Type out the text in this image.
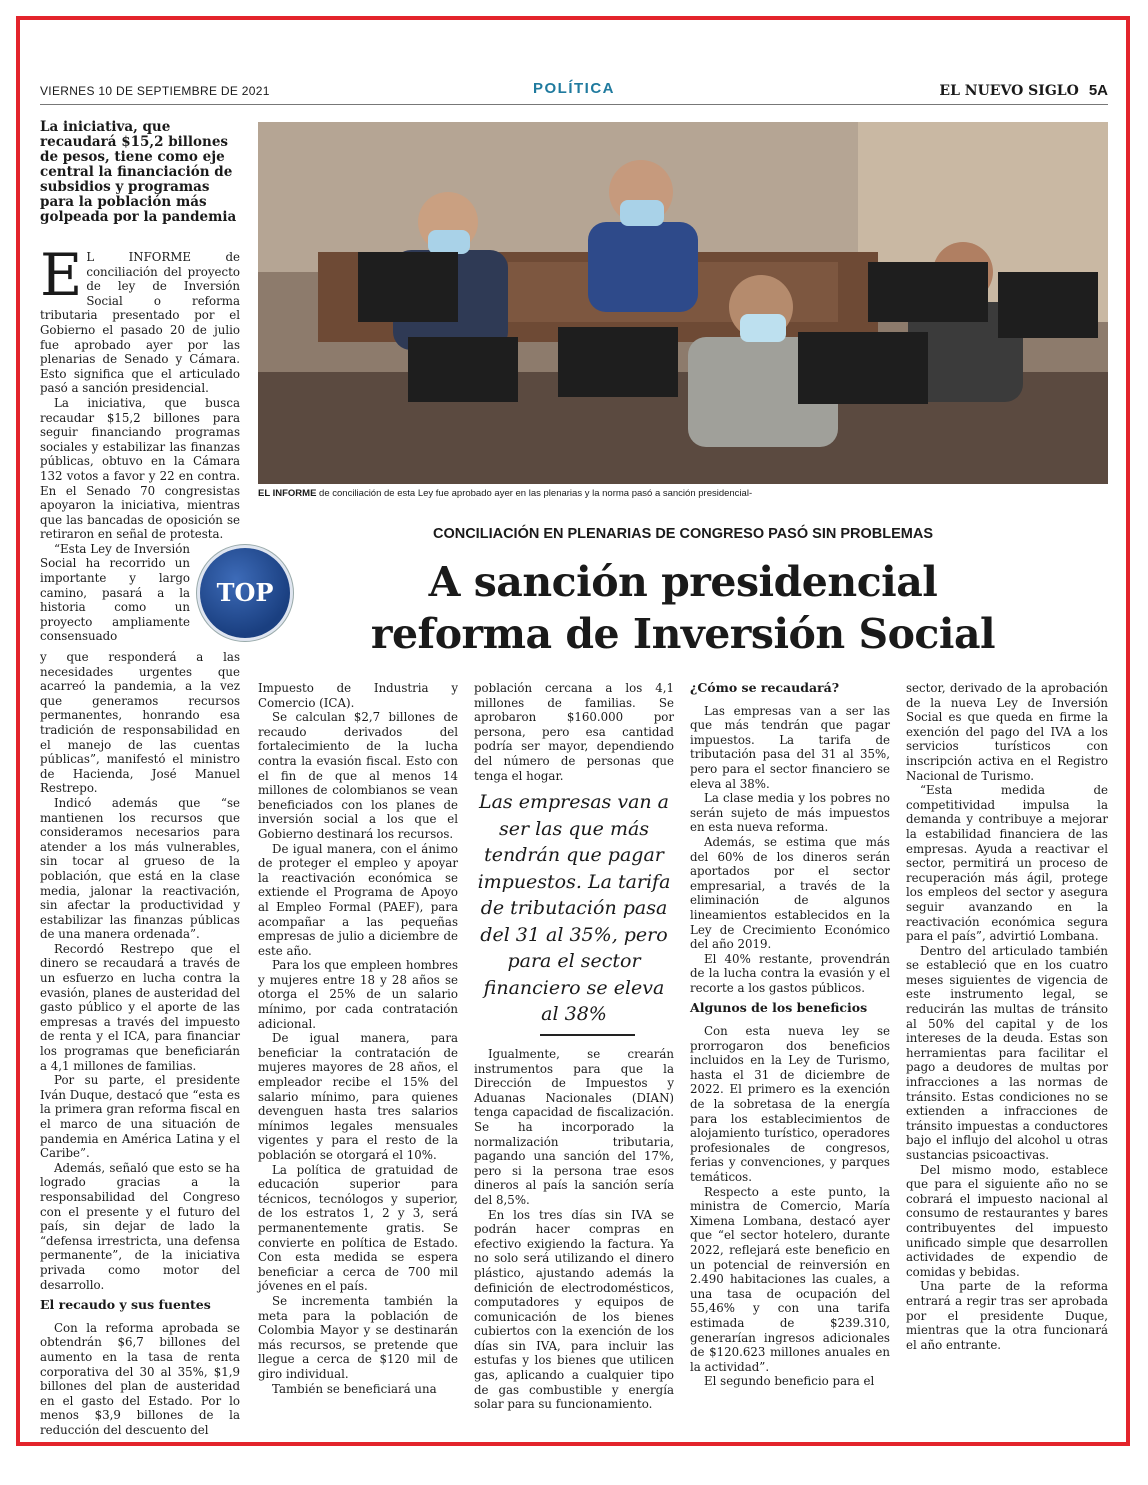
VIERNES 10 DE SEPTIEMBRE DE 2021	POLÍTICA	EL NUEVO SIGLO 5A
La iniciativa, que recaudará $15,2 billones de pesos, tiene como eje central la financiación de subsidios y programas para la población más golpeada por la pandemia
EL INFORME de conciliación de esta Ley fue aprobado ayer en las plenarias y la norma pasó a sanción presidencial-
CONCILIACIÓN EN PLENARIAS DE CONGRESO PASÓ SIN PROBLEMAS
A sanción presidencial
reforma de Inversión Social
TOP

E L INFORME de conciliación del proyecto de ley de Inversión Social o reforma tributaria presentado por el Gobierno el pasado 20 de julio fue aprobado ayer por las plenarias de Senado y Cámara. Esto significa que el articulado pasó a sanción presidencial.

La iniciativa, que busca recaudar $15,2 billones para seguir financiando programas sociales y estabilizar las finanzas públicas, obtuvo en la Cámara 132 votos a favor y 22 en contra. En el Senado 70 congresistas apoyaron la iniciativa, mientras que las bancadas de oposición se retiraron en señal de protesta.

“Esta Ley de Inversión Social ha recorrido un importante y largo camino, pasará a la historia como un proyecto ampliamente consensuado

y que responderá a las necesidades urgentes que acarreó la pandemia, a la vez que generamos recursos permanentes, honrando esa tradición de responsabilidad en el manejo de las cuentas públicas”, manifestó el ministro de Hacienda, José Manuel Restrepo.

Indicó además que “se mantienen los recursos que consideramos necesarios para atender a los más vulnerables, sin tocar al grueso de la población, que está en la clase media, jalonar la reactivación, sin afectar la productividad y estabilizar las finanzas públicas de una manera ordenada”.

Recordó Restrepo que el dinero se recaudará a través de un esfuerzo en lucha contra la evasión, planes de austeridad del gasto público y el aporte de las empresas a través del impuesto de renta y el ICA, para financiar los programas que beneficiarán a 4,1 millones de familias.

Por su parte, el presidente Iván Duque, destacó que “esta es la primera gran reforma fiscal en el marco de una situación de pandemia en América Latina y el Caribe”.

Además, señaló que esto se ha logrado gracias a la responsabilidad del Congreso con el presente y el futuro del país, sin dejar de lado la “defensa irrestricta, una defensa permanente”, de la iniciativa privada como motor del desarrollo.

El recaudo y sus fuentes

Con la reforma aprobada se obtendrán $6,7 billones del aumento en la tasa de renta corporativa del 30 al 35%, $1,9 billones del plan de austeridad en el gasto del Estado. Por lo menos $3,9 billones de la reducción del descuento del

Impuesto de Industria y Comercio (ICA).

Se calculan $2,7 billones de recaudo derivados del fortalecimiento de la lucha contra la evasión fiscal. Esto con el fin de que al menos 14 millones de colombianos se vean beneficiados con los planes de inversión social a los que el Gobierno destinará los recursos.

De igual manera, con el ánimo de proteger el empleo y apoyar la reactivación económica se extiende el Programa de Apoyo al Empleo Formal (PAEF), para acompañar a las pequeñas empresas de julio a diciembre de este año.

Para los que empleen hombres y mujeres entre 18 y 28 años se otorga el 25% de un salario mínimo, por cada contratación adicional.

De igual manera, para beneficiar la contratación de mujeres mayores de 28 años, el empleador recibe el 15% del salario mínimo, para quienes devenguen hasta tres salarios mínimos legales mensuales vigentes y para el resto de la población se otorgará el 10%.

La política de gratuidad de educación superior para técnicos, tecnólogos y superior, de los estratos 1, 2 y 3, será permanentemente gratis. Se convierte en política de Estado. Con esta medida se espera beneficiar a cerca de 700 mil jóvenes en el país.

Se incrementa también la meta para la población de Colombia Mayor y se destinarán más recursos, se pretende que llegue a cerca de $120 mil de giro individual.

También se beneficiará una

población cercana a los 4,1 millones de familias. Se aprobaron $160.000 por persona, pero esa cantidad podría ser mayor, dependiendo del número de personas que tenga el hogar.

Las empresas van a ser las que más tendrán que pagar impuestos. La tarifa de tributación pasa del 31 al 35%, pero para el sector financiero se eleva al 38%

Igualmente, se crearán instrumentos para que la Dirección de Impuestos y Aduanas Nacionales (DIAN) tenga capacidad de fiscalización. Se ha incorporado la normalización tributaria, pagando una sanción del 17%, pero si la persona trae esos dineros al país la sanción sería del 8,5%.

En los tres días sin IVA se podrán hacer compras en efectivo exigiendo la factura. Ya no solo será utilizando el dinero plástico, ajustando además la definición de electrodomésticos, computadores y equipos de comunicación de los bienes cubiertos con la exención de los días sin IVA, para incluir las estufas y los bienes que utilicen gas, aplicando a cualquier tipo de gas combustible y energía solar para su funcionamiento.

¿Cómo se recaudará?

Las empresas van a ser las que más tendrán que pagar impuestos. La tarifa de tributación pasa del 31 al 35%, pero para el sector financiero se eleva al 38%.

La clase media y los pobres no serán sujeto de más impuestos en esta nueva reforma.

Además, se estima que más del 60% de los dineros serán aportados por el sector empresarial, a través de la eliminación de algunos lineamientos establecidos en la Ley de Crecimiento Económico del año 2019.

El 40% restante, provendrán de la lucha contra la evasión y el recorte a los gastos públicos.

Algunos de los beneficios

Con esta nueva ley se prorrogaron dos beneficios incluidos en la Ley de Turismo, hasta el 31 de diciembre de 2022. El primero es la exención de la sobretasa de la energía para los establecimientos de alojamiento turístico, operadores profesionales de congresos, ferias y convenciones, y parques temáticos.

Respecto a este punto, la ministra de Comercio, María Ximena Lombana, destacó ayer que “el sector hotelero, durante 2022, reflejará este beneficio en un potencial de reinversión en 2.490 habitaciones las cuales, a una tasa de ocupación del 55,46% y con una tarifa estimada de $239.310, generarían ingresos adicionales de $120.623 millones anuales en la actividad”.

El segundo beneficio para el

sector, derivado de la aprobación de la nueva Ley de Inversión Social es que queda en firme la exención del pago del IVA a los servicios turísticos con inscripción activa en el Registro Nacional de Turismo.

“Esta medida de competitividad impulsa la demanda y contribuye a mejorar la estabilidad financiera de las empresas. Ayuda a reactivar el sector, permitirá un proceso de recuperación más ágil, protege los empleos del sector y asegura seguir avanzando en la reactivación económica segura para el país”, advirtió Lombana.

Dentro del articulado también se estableció que en los cuatro meses siguientes de vigencia de este instrumento legal, se reducirán las multas de tránsito al 50% del capital y de los intereses de la deuda. Estas son herramientas para facilitar el pago a deudores de multas por infracciones a las normas de tránsito. Estas condiciones no se extienden a infracciones de tránsito impuestas a conductores bajo el influjo del alcohol u otras sustancias psicoactivas.

Del mismo modo, establece que para el siguiente año no se cobrará el impuesto nacional al consumo de restaurantes y bares contribuyentes del impuesto unificado simple que desarrollen actividades de expendio de comidas y bebidas.

Una parte de la reforma entrará a regir tras ser aprobada por el presidente Duque, mientras que la otra funcionará el año entrante.
